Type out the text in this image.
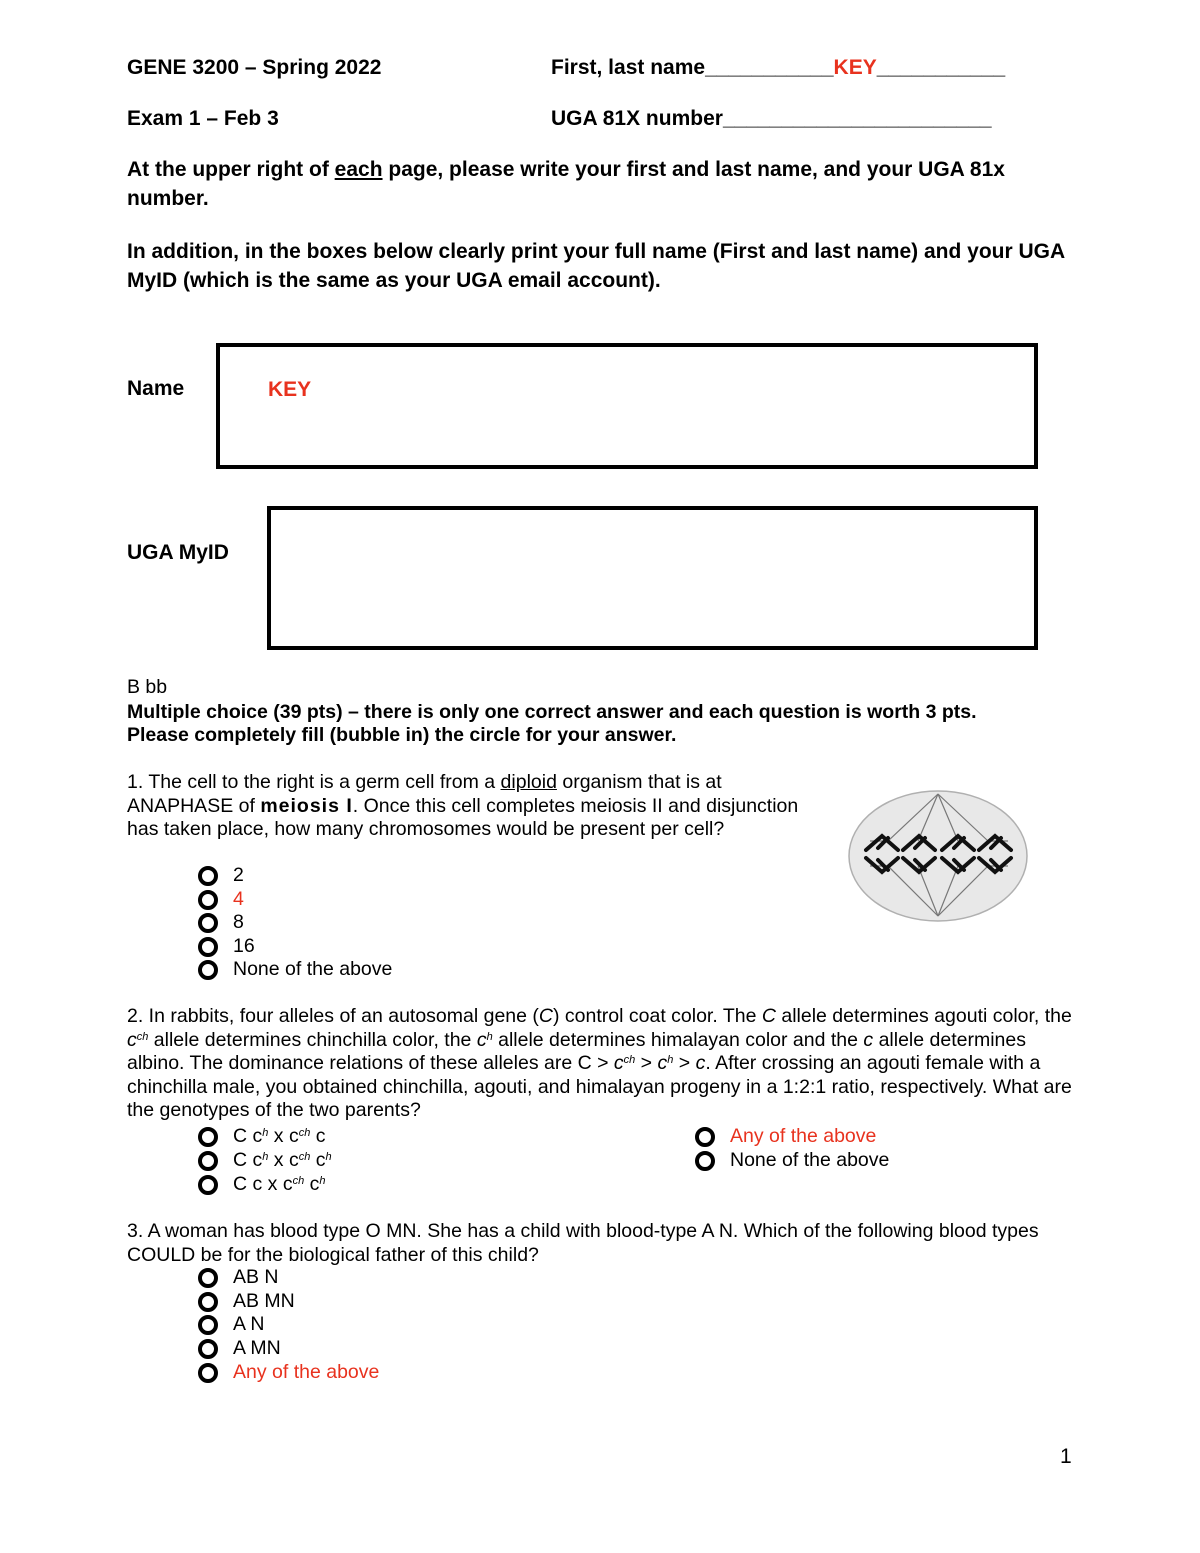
GENE 3200 – Spring 2022
Exam 1 – Feb 3
First, last name___________KEY___________
UGA 81X number_______________________
At the upper right of each page, please write your first and last name, and your UGA 81x number.
In addition, in the boxes below clearly print your full name (First and last name) and your UGA MyID (which is the same as your UGA email account).
Name	KEY
UGA MyID
B bb
Multiple choice (39 pts) – there is only one correct answer and each question is worth 3 pts.
Please completely fill (bubble in) the circle for your answer.
1. The cell to the right is a germ cell from a diploid organism that is at ANAPHASE of meiosis I. Once this cell completes meiosis II and disjunction has taken place, how many chromosomes would be present per cell?
2
4
8
16
None of the above
2. In rabbits, four alleles of an autosomal gene (C) control coat color. The C allele determines agouti color, the $c^{ch}$ allele determines chinchilla color, the $c^h$ allele determines himalayan color and the c allele determines albino. The dominance relations of these alleles are $C > c^{ch} > c^h > c$. After crossing an agouti female with a chinchilla male, you obtained chinchilla, agouti, and himalayan progeny in a 1:2:1 ratio, respectively. What are the genotypes of the two parents?
C $c^h$ x $c^{ch}$ c
C $c^h$ x $c^{ch}$ $c^h$
C c x $c^{ch}$ $c^h$
Any of the above
None of the above
3. A woman has blood type O MN. She has a child with blood-type A N. Which of the following blood types COULD be for the biological father of this child?
AB N
AB MN
A N
A MN
Any of the above
1
